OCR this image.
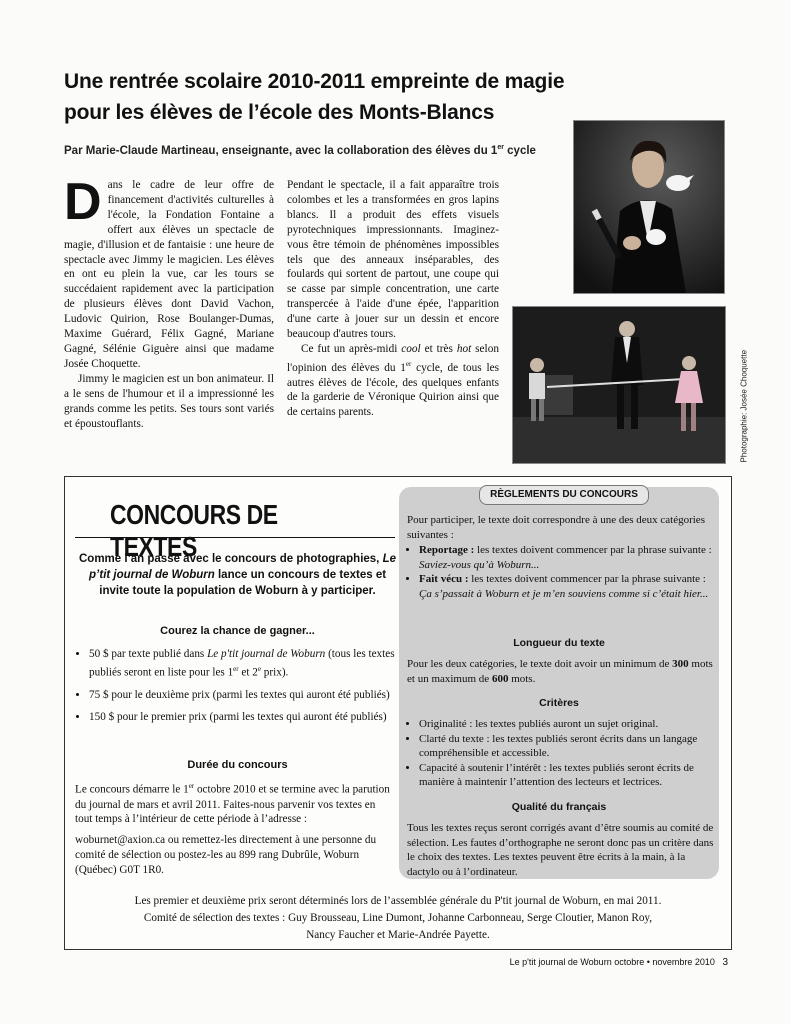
Une rentrée scolaire 2010-2011 empreinte de magie pour les élèves de l’école des Monts-Blancs
Par Marie-Claude Martineau, enseignante, avec la collaboration des élèves du 1er cycle

Dans le cadre de leur offre de financement d'activités culturelles à l'école, la Fondation Fontaine a offert aux élèves un spectacle de magie, d'illusion et de fantaisie : une heure de spectacle avec Jimmy le magicien. Les élèves en ont eu plein la vue, car les tours se succédaient rapidement avec la participation de plusieurs élèves dont David Vachon, Ludovic Quirion, Rose Boulanger-Dumas, Maxime Guérard, Félix Gagné, Mariane Gagné, Sélénie Giguère ainsi que madame Josée Choquette.

Jimmy le magicien est un bon animateur. Il a le sens de l'humour et il a impressionné les grands comme les petits. Ses tours sont variés et époustouflants.

Pendant le spectacle, il a fait apparaître trois colombes et les a transformées en gros lapins blancs. Il a produit des effets visuels pyrotechniques impressionnants. Imaginez-vous être témoin de phénomènes impossibles tels que des anneaux inséparables, des foulards qui sortent de partout, une coupe qui se casse par simple concentration, une carte transpercée à l'aide d'une épée, l'apparition d'une carte à jouer sur un dessin et encore beaucoup d'autres tours.

Ce fut un après-midi cool et très hot selon l'opinion des élèves du 1er cycle, de tous les autres élèves de l'école, des quelques enfants de la garderie de Véronique Quirion ainsi que de certains parents.	Photographie: Josée Choquette
CONCOURS DE TEXTES
Comme l’an passé avec le concours de photographies, Le p’tit journal de Woburn lance un concours de textes et invite toute la population de Woburn à y participer.
Courez la chance de gagner...
• 50 $ par texte publié dans Le p'tit journal de Woburn (tous les textes publiés seront en liste pour les 1er et 2e prix).
• 75 $ pour le deuxième prix (parmi les textes qui auront été publiés)
• 150 $ pour le premier prix (parmi les textes qui auront été publiés)
Durée du concours
Le concours démarre le 1er octobre 2010 et se termine avec la parution du journal de mars et avril 2011. Faites-nous parvenir vos textes en tout temps à l’intérieur de cette période à l’adresse :
woburnet@axion.ca ou remettez-les directement à une personne du comité de sélection ou postez-les au 899 rang Dubrûle, Woburn (Québec) G0T 1R0.
RÈGLEMENTS DU CONCOURS
Pour participer, le texte doit correspondre à une des deux catégories suivantes :
• Reportage : les textes doivent commencer par la phrase suivante : Saviez-vous qu’à Woburn...
• Fait vécu : les textes doivent commencer par la phrase suivante : Ça s’passait à Woburn et je m’en souviens comme si c’était hier...
Longueur du texte
Pour les deux catégories, le texte doit avoir un minimum de 300 mots et un maximum de 600 mots.
Critères
• Originalité : les textes publiés auront un sujet original.
• Clarté du texte : les textes publiés seront écrits dans un langage compréhensible et accessible.
• Capacité à soutenir l’intérêt : les textes publiés seront écrits de manière à maintenir l’attention des lecteurs et lectrices.
Qualité du français
Tous les textes reçus seront corrigés avant d’être soumis au comité de sélection. Les fautes d’orthographe ne seront donc pas un critère dans le choix des textes. Les textes peuvent être écrits à la main, à la dactylo ou à l’ordinateur.
Les premier et deuxième prix seront déterminés lors de l’assemblée générale du P'tit journal de Woburn, en mai 2011.
Comité de sélection des textes : Guy Brousseau, Line Dumont, Johanne Carbonneau, Serge Cloutier, Manon Roy,
Nancy Faucher et Marie-Andrée Payette.
Le p'tit journal de Woburn octobre • novembre 2010 3
